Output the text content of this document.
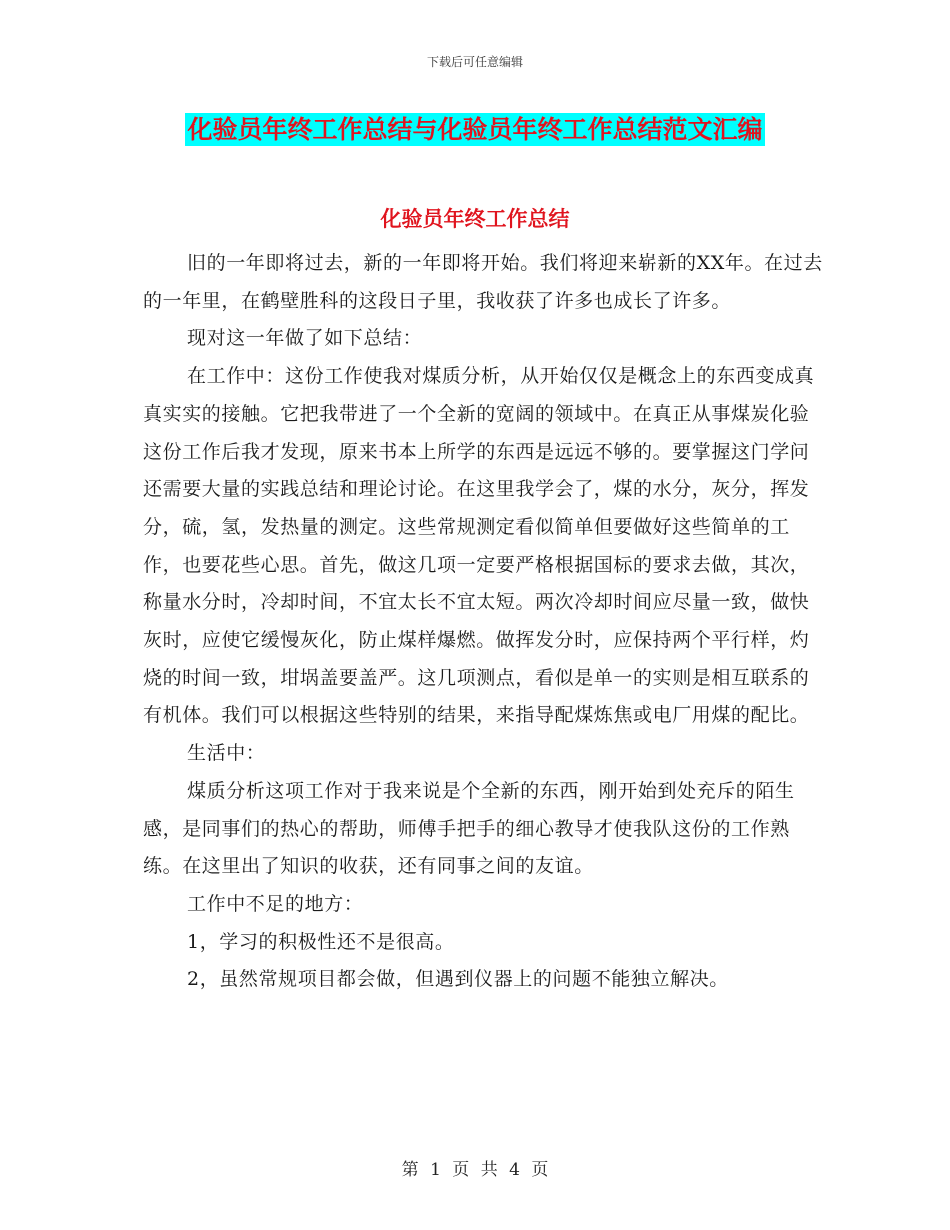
下载后可任意编辑
化验员年终工作总结与化验员年终工作总结范文汇编
化验员年终工作总结

旧的一年即将过去，新的一年即将开始。我们将迎来崭新的XX年。在过去的一年里，在鹤壁胜科的这段日子里，我收获了许多也成长了许多。

现对这一年做了如下总结：

在工作中：这份工作使我对煤质分析，从开始仅仅是概念上的东西变成真真实实的接触。它把我带进了一个全新的宽阔的领域中。在真正从事煤炭化验这份工作后我才发现，原来书本上所学的东西是远远不够的。要掌握这门学问还需要大量的实践总结和理论讨论。在这里我学会了，煤的水分，灰分，挥发分，硫，氢，发热量的测定。这些常规测定看似简单但要做好这些简单的工作，也要花些心思。首先，做这几项一定要严格根据国标的要求去做，其次，称量水分时，冷却时间，不宜太长不宜太短。两次冷却时间应尽量一致，做快灰时，应使它缓慢灰化，防止煤样爆燃。做挥发分时，应保持两个平行样，灼烧的时间一致，坩埚盖要盖严。这几项测点，看似是单一的实则是相互联系的有机体。我们可以根据这些特别的结果，来指导配煤炼焦或电厂用煤的配比。

生活中：

煤质分析这项工作对于我来说是个全新的东西，刚开始到处充斥的陌生感，是同事们的热心的帮助，师傅手把手的细心教导才使我队这份的工作熟练。在这里出了知识的收获，还有同事之间的友谊。

工作中不足的地方：

1，学习的积极性还不是很高。

2，虽然常规项目都会做，但遇到仪器上的问题不能独立解决。

第 1 页 共 4 页
